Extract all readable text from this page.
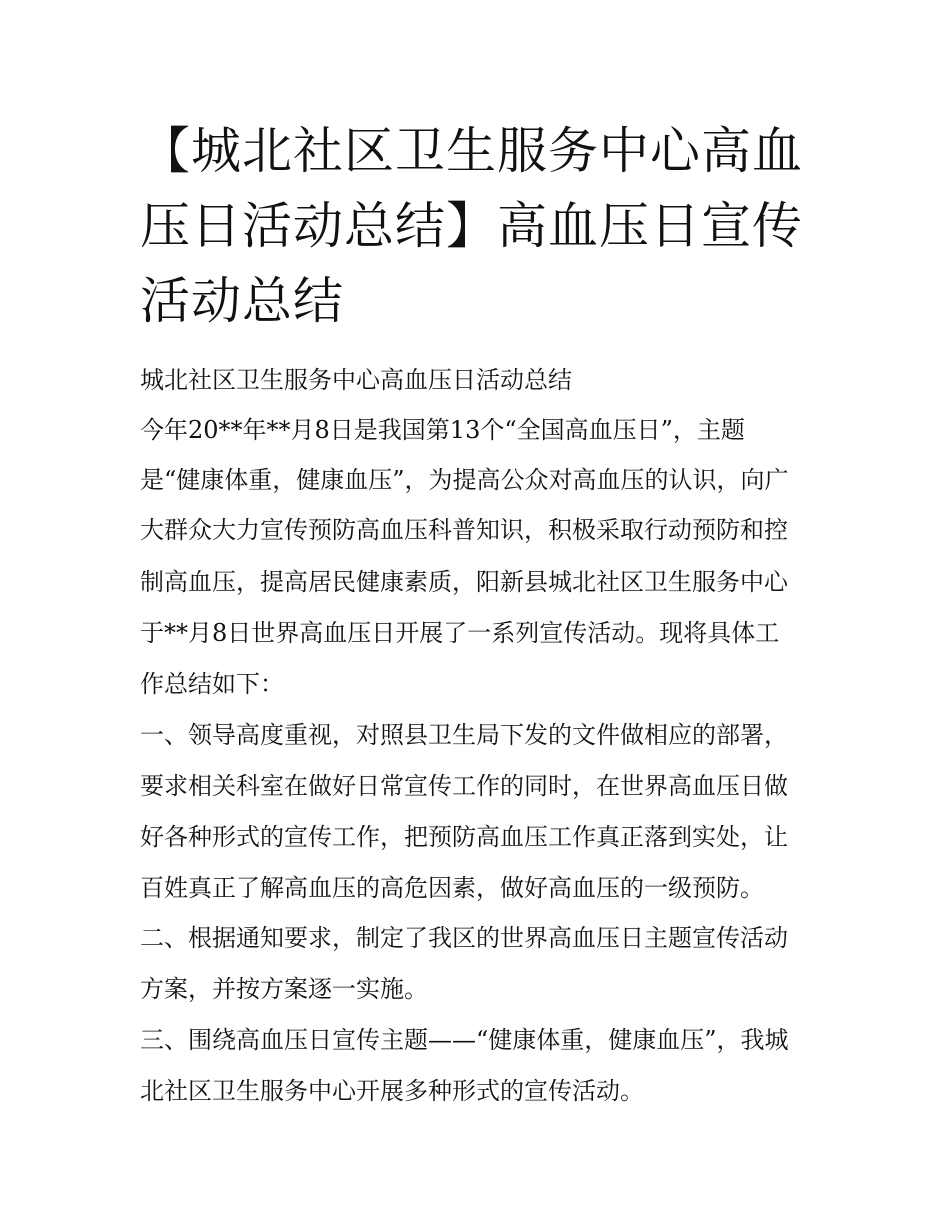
【城北社区卫生服务中心高血
压日活动总结】高血压日宣传
活动总结

城北社区卫生服务中心高血压日活动总结

今年20**年**月8日是我国第13个“全国高血压日”，主题

是“健康体重，健康血压”，为提高公众对高血压的认识，向广

大群众大力宣传预防高血压科普知识，积极采取行动预防和控

制高血压，提高居民健康素质，阳新县城北社区卫生服务中心

于**月8日世界高血压日开展了一系列宣传活动。现将具体工

作总结如下：

一、领导高度重视，对照县卫生局下发的文件做相应的部署，

要求相关科室在做好日常宣传工作的同时，在世界高血压日做

好各种形式的宣传工作，把预防高血压工作真正落到实处，让

百姓真正了解高血压的高危因素，做好高血压的一级预防。

二、根据通知要求，制定了我区的世界高血压日主题宣传活动

方案，并按方案逐一实施。

三、围绕高血压日宣传主题——“健康体重，健康血压”，我城

北社区卫生服务中心开展多种形式的宣传活动。
